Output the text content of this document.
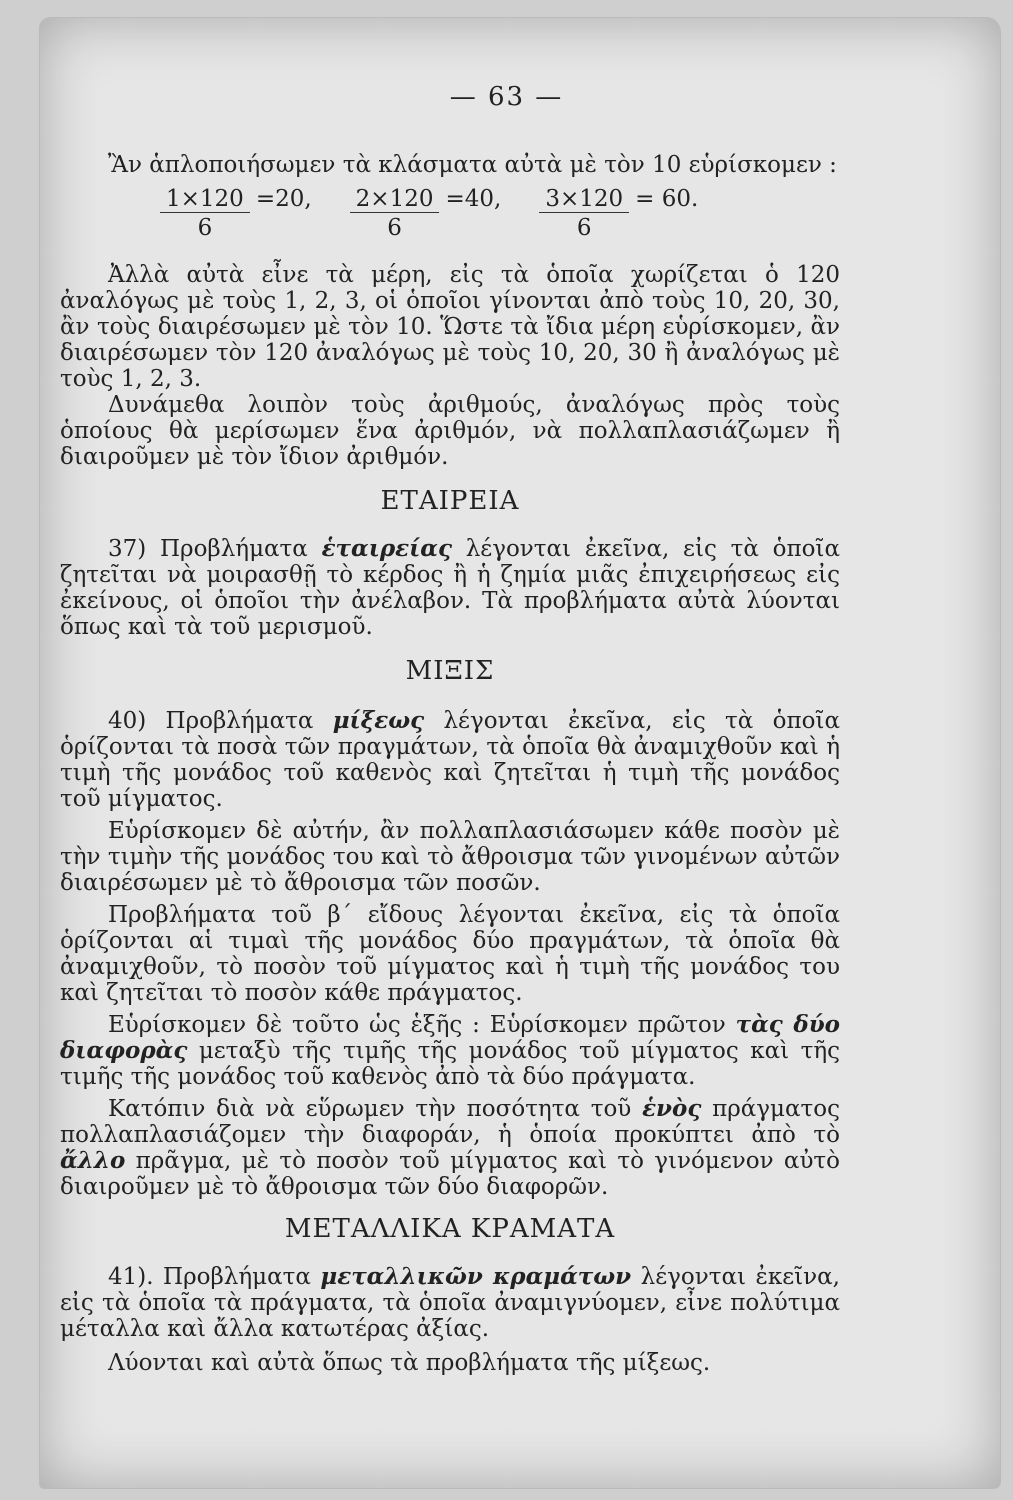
— 63 —

Ἂν ἁπλοποιήσωμεν τὰ κλάσματα αὐτὰ μὲ τὸν 10 εὑρίσκομεν :

$\frac{1\times 120}{6} =20$, $\frac{2\times 120}{6} =40$, $\frac{3\times 120}{6} = 60$.

Ἀλλὰ αὐτὰ εἶνε τὰ μέρη, εἰς τὰ ὁποῖα χωρίζεται ὁ 120 ἀναλόγως μὲ τοὺς 1, 2, 3, οἱ ὁποῖοι γίνονται ἀπὸ τοὺς 10, 20, 30, ἂν τοὺς διαιρέσωμεν μὲ τὸν 10. Ὥστε τὰ ἴδια μέρη εὑρίσκομεν, ἂν διαιρέσωμεν τὸν 120 ἀναλόγως μὲ τοὺς 10, 20, 30 ἢ ἀναλόγως μὲ τοὺς 1, 2, 3.

Δυνάμεθα λοιπὸν τοὺς ἀριθμούς, ἀναλόγως πρὸς τοὺς ὁποίους θὰ μερίσωμεν ἕνα ἀριθμόν, νὰ πολλαπλασιάζωμεν ἢ διαιροῦμεν μὲ τὸν ἴδιον ἀριθμόν.

ΕΤΑΙΡΕΙΑ

37) Προβλήματα ἑταιρείας λέγονται ἐκεῖνα, εἰς τὰ ὁποῖα ζητεῖται νὰ μοιρασθῇ τὸ κέρδος ἢ ἡ ζημία μιᾶς ἐπιχειρήσεως εἰς ἐκείνους, οἱ ὁποῖοι τὴν ἀνέλαβον. Τὰ προβλήματα αὐτὰ λύονται ὅπως καὶ τὰ τοῦ μερισμοῦ.

ΜΙΞΙΣ

40) Προβλήματα μίξεως λέγονται ἐκεῖνα, εἰς τὰ ὁποῖα ὁρίζονται τὰ ποσὰ τῶν πραγμάτων, τὰ ὁποῖα θὰ ἀναμιχθοῦν καὶ ἡ τιμὴ τῆς μονάδος τοῦ καθενὸς καὶ ζητεῖται ἡ τιμὴ τῆς μονάδος τοῦ μίγματος.

Εὑρίσκομεν δὲ αὐτήν, ἂν πολλαπλασιάσωμεν κάθε ποσὸν μὲ τὴν τιμὴν τῆς μονάδος του καὶ τὸ ἄθροισμα τῶν γινομένων αὐτῶν διαιρέσωμεν μὲ τὸ ἄθροισμα τῶν ποσῶν.

Προβλήματα τοῦ β΄ εἴδους λέγονται ἐκεῖνα, εἰς τὰ ὁποῖα ὁρίζονται αἱ τιμαὶ τῆς μονάδος δύο πραγμάτων, τὰ ὁποῖα θὰ ἀναμιχθοῦν, τὸ ποσὸν τοῦ μίγματος καὶ ἡ τιμὴ τῆς μονάδος του καὶ ζητεῖται τὸ ποσὸν κάθε πράγματος.

Εὑρίσκομεν δὲ τοῦτο ὡς ἑξῆς : Εὑρίσκομεν πρῶτον τὰς δύο διαφορὰς μεταξὺ τῆς τιμῆς τῆς μονάδος τοῦ μίγματος καὶ τῆς τιμῆς τῆς μονάδος τοῦ καθενὸς ἀπὸ τὰ δύο πράγματα.

Κατόπιν διὰ νὰ εὕρωμεν τὴν ποσότητα τοῦ ἑνὸς πράγματος πολλαπλασιάζομεν τὴν διαφοράν, ἡ ὁποία προκύπτει ἀπὸ τὸ ἄλλο πρᾶγμα, μὲ τὸ ποσὸν τοῦ μίγματος καὶ τὸ γινόμενον αὐτὸ διαιροῦμεν μὲ τὸ ἄθροισμα τῶν δύο διαφορῶν.

ΜΕΤΑΛΛΙΚΑ ΚΡΑΜΑΤΑ

41). Προβλήματα μεταλλικῶν κραμάτων λέγονται ἐκεῖνα, εἰς τὰ ὁποῖα τὰ πράγματα, τὰ ὁποῖα ἀναμιγνύομεν, εἶνε πολύτιμα μέταλλα καὶ ἄλλα κατωτέρας ἀξίας.

Λύονται καὶ αὐτὰ ὅπως τὰ προβλήματα τῆς μίξεως.
